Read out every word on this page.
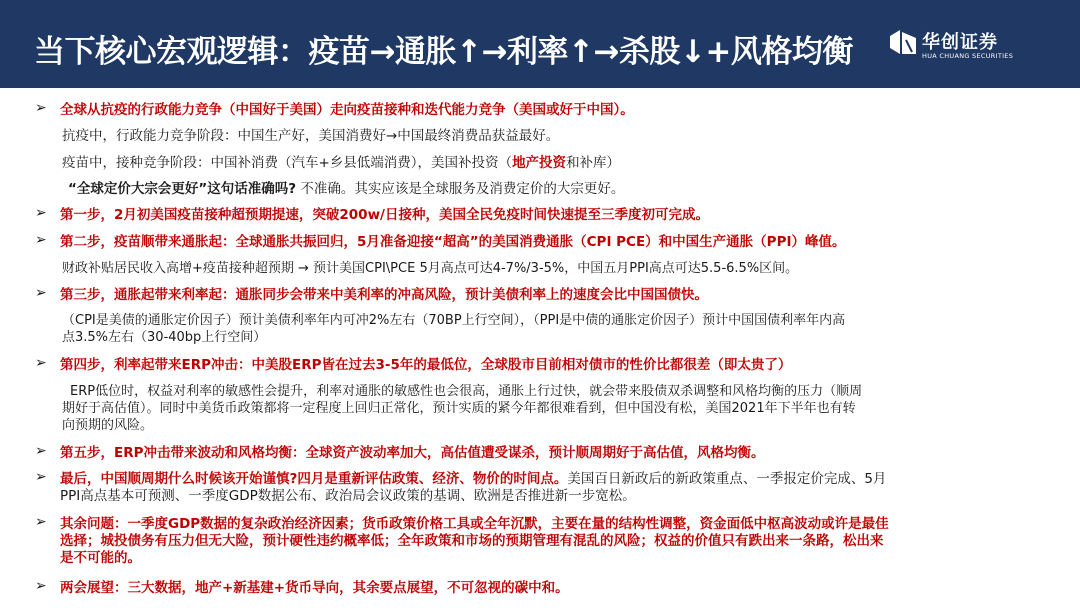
当下核心宏观逻辑：疫苗→通胀↑→利率↑→杀股↓+风格均衡	华创证券
HUA CHUANG SECURITIES
➢ 全球从抗疫的行政能力竞争（中国好于美国）走向疫苗接种和迭代能力竞争（美国或好于中国）。

抗疫中，行政能力竞争阶段：中国生产好，美国消费好→中国最终消费品获益最好。

疫苗中，接种竞争阶段：中国补消费（汽车+乡县低端消费），美国补投资（地产投资和补库）

“全球定价大宗会更好”这句话准确吗? 不准确。其实应该是全球服务及消费定价的大宗更好。

➢ 第一步，2月初美国疫苗接种超预期提速，突破200w/日接种，美国全民免疫时间快速提至三季度初可完成。

➢ 第二步，疫苗顺带来通胀起：全球通胀共振回归，5月准备迎接“超高”的美国消费通胀（CPI PCE）和中国生产通胀（PPI）峰值。

财政补贴居民收入高增+疫苗接种超预期 → 预计美国CPI\PCE 5月高点可达4-7%/3-5%，中国五月PPI高点可达5.5-6.5%区间。

➢ 第三步，通胀起带来利率起：通胀同步会带来中美利率的冲高风险，预计美债利率上的速度会比中国国债快。

（CPI是美债的通胀定价因子）预计美债利率年内可冲2%左右（70BP上行空间），（PPI是中债的通胀定价因子）预计中国国债利率年内高

点3.5%左右（30-40bp上行空间）

➢ 第四步，利率起带来ERP冲击：中美股ERP皆在过去3-5年的最低位，全球股市目前相对债市的性价比都很差（即太贵了）

ERP低位时，权益对利率的敏感性会提升，利率对通胀的敏感性也会很高，通胀上行过快，就会带来股债双杀调整和风格均衡的压力（顺周

期好于高估值）。同时中美货币政策都将一定程度上回归正常化，预计实质的紧今年都很难看到，但中国没有松，美国2021年下半年也有转

向预期的风险。

➢ 第五步，ERP冲击带来波动和风格均衡：全球资产波动率加大，高估值遭受谋杀，预计顺周期好于高估值，风格均衡。

➢ 最后，中国顺周期什么时候该开始谨慎?四月是重新评估政策、经济、物价的时间点。美国百日新政后的新政策重点、一季报定价完成、5月

PPI高点基本可预测、一季度GDP数据公布、政治局会议政策的基调、欧洲是否推进新一步宽松。

➢ 其余问题：一季度GDP数据的复杂政治经济因素；货币政策价格工具或全年沉默，主要在量的结构性调整，资金面低中枢高波动或许是最佳

选择；城投债务有压力但无大险，预计硬性违约概率低；全年政策和市场的预期管理有混乱的风险；权益的价值只有跌出来一条路，松出来

是不可能的。

➢ 两会展望：三大数据，地产+新基建+货币导向，其余要点展望，不可忽视的碳中和。
